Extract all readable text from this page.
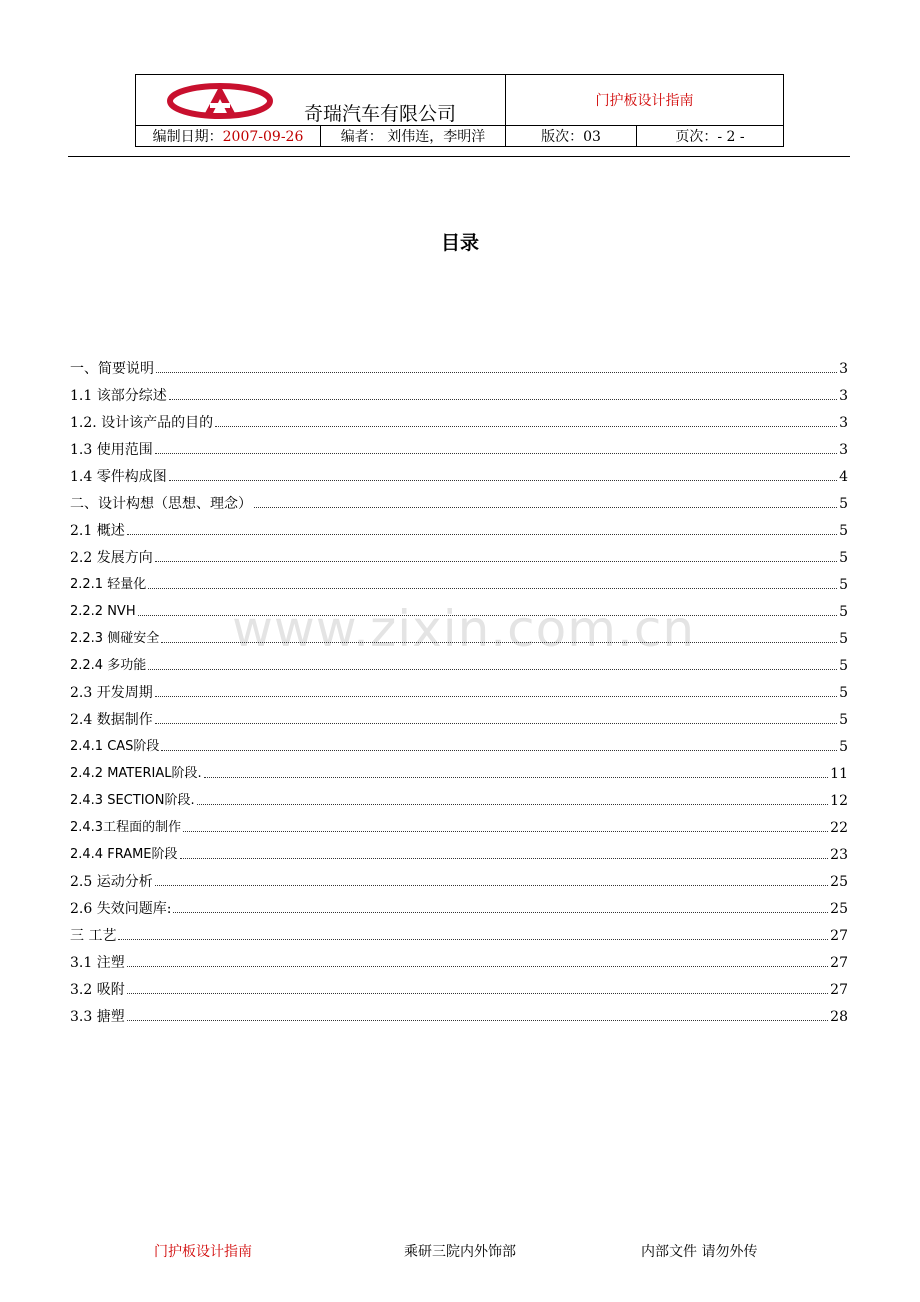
奇瑞汽车有限公司		门护板设计指南	
编制日期：2007-09-26	编者： 刘伟连，李明洋	版次：03	页次：- 2 -
目录
www.zixin.com.cn
一、简要说明	3
1.1 该部分综述	3
1.2. 设计该产品的目的	3
1.3 使用范围	3
1.4 零件构成图	4
二、设计构想（思想、理念）	5
2.1 概述	5
2.2 发展方向	5
2.2.1 轻量化	5
2.2.2 NVH	5
2.2.3 侧碰安全	5
2.2.4 多功能	5
2.3 开发周期	5
2.4 数据制作	5
2.4.1 CAS阶段	5
2.4.2 MATERIAL阶段.	11
2.4.3 SECTION阶段.	12
2.4.3工程面的制作	22
2.4.4 FRAME阶段	23
2.5 运动分析	25
2.6 失效问题库:	25
三 工艺	27
3.1 注塑	27
3.2 吸附	27
3.3 搪塑	28
门护板设计指南	乘研三院内外饰部	内部文件 请勿外传
